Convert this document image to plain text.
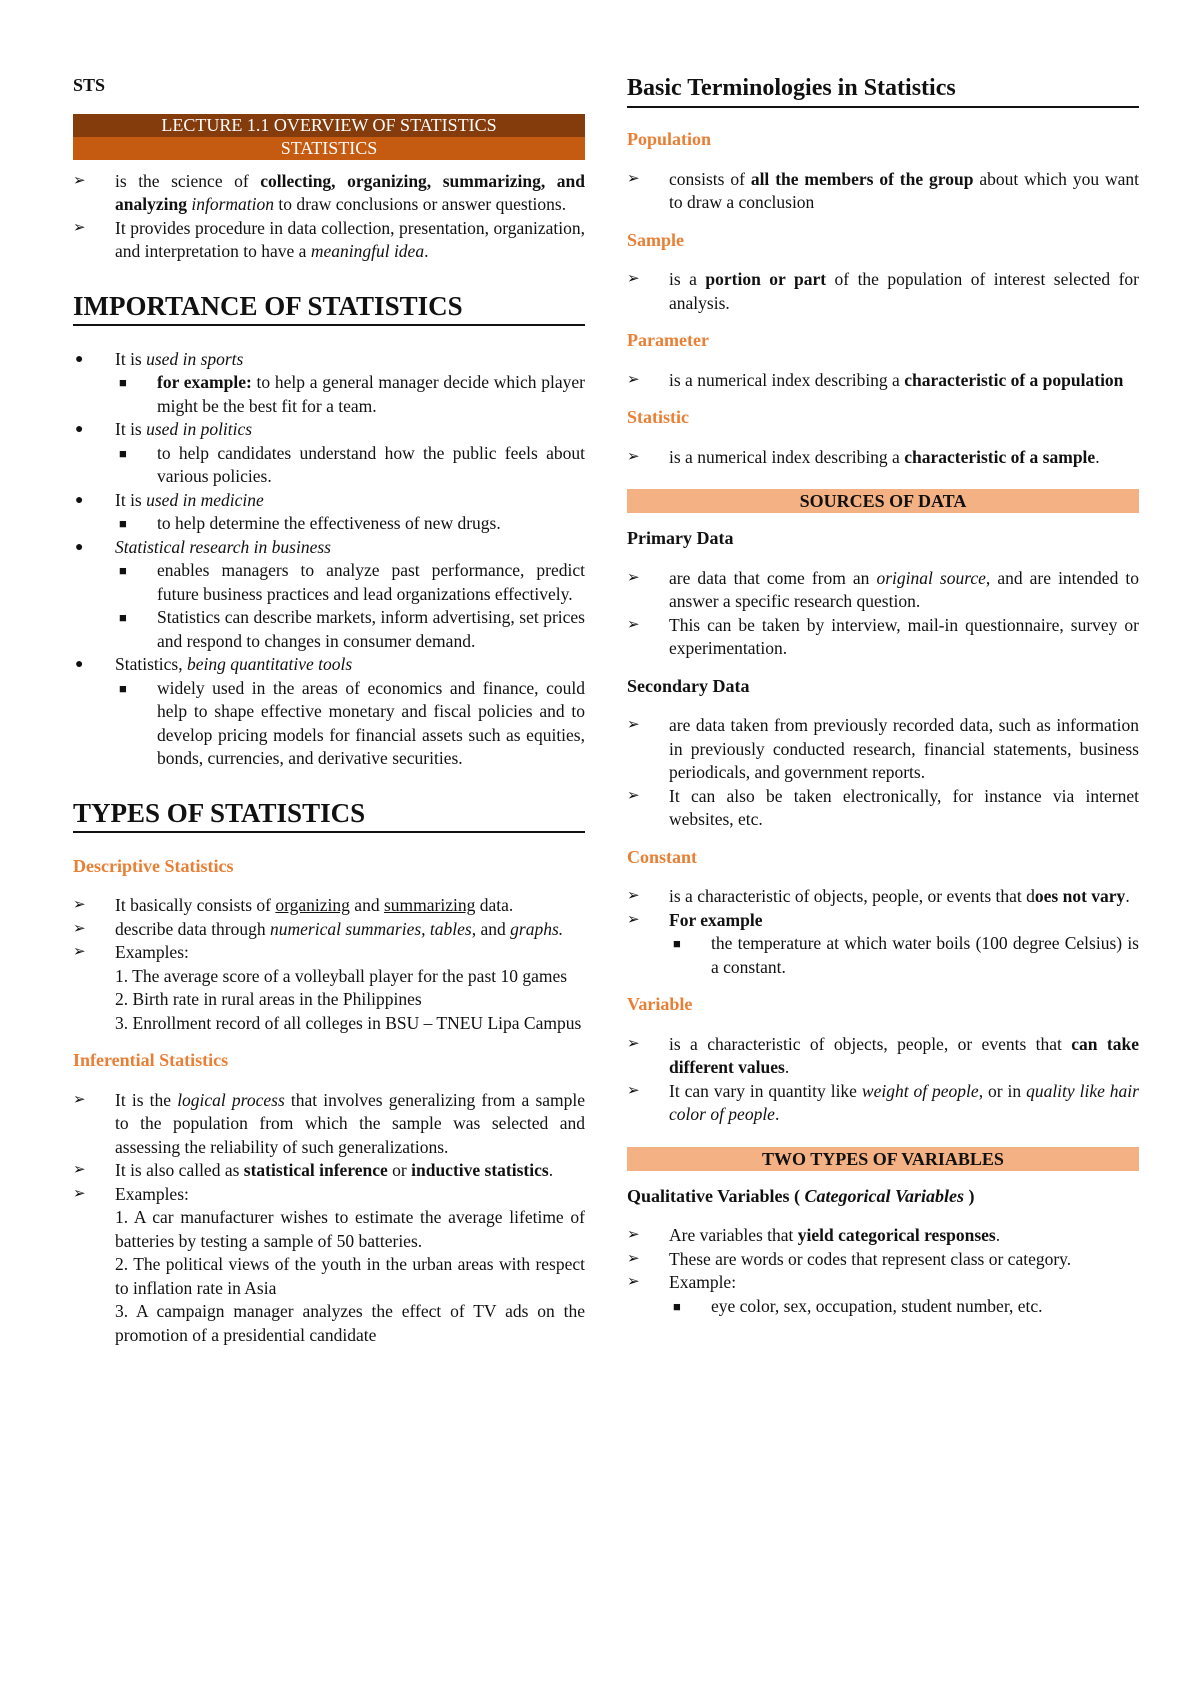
STS
LECTURE 1.1 OVERVIEW OF STATISTICS
STATISTICS
➢ is the science of collecting, organizing, summarizing, and analyzing information to draw conclusions or answer questions.
➢ It provides procedure in data collection, presentation, organization, and interpretation to have a meaningful idea.
IMPORTANCE OF STATISTICS
● It is used in sports
■ for example: to help a general manager decide which player might be the best fit for a team.
● It is used in politics
■ to help candidates understand how the public feels about various policies.
● It is used in medicine
■ to help determine the effectiveness of new drugs.
● Statistical research in business
■ enables managers to analyze past performance, predict future business practices and lead organizations effectively.
■ Statistics can describe markets, inform advertising, set prices and respond to changes in consumer demand.
● Statistics, being quantitative tools
■ widely used in the areas of economics and finance, could help to shape effective monetary and fiscal policies and to develop pricing models for financial assets such as equities, bonds, currencies, and derivative securities.
TYPES OF STATISTICS
Descriptive Statistics
➢ It basically consists of organizing and summarizing data.
➢ describe data through numerical summaries, tables, and graphs.
➢ Examples:
1. The average score of a volleyball player for the past 10 games
2. Birth rate in rural areas in the Philippines
3. Enrollment record of all colleges in BSU – TNEU Lipa Campus
Inferential Statistics
➢ It is the logical process that involves generalizing from a sample to the population from which the sample was selected and assessing the reliability of such generalizations.
➢ It is also called as statistical inference or inductive statistics.
➢ Examples:
1. A car manufacturer wishes to estimate the average lifetime of batteries by testing a sample of 50 batteries.
2. The political views of the youth in the urban areas with respect to inflation rate in Asia
3. A campaign manager analyzes the effect of TV ads on the promotion of a presidential candidate
Basic Terminologies in Statistics
Population
➢ consists of all the members of the group about which you want to draw a conclusion
Sample
➢ is a portion or part of the population of interest selected for analysis.
Parameter
➢ is a numerical index describing a characteristic of a population
Statistic
➢ is a numerical index describing a characteristic of a sample.
SOURCES OF DATA
Primary Data
➢ are data that come from an original source, and are intended to answer a specific research question.
➢ This can be taken by interview, mail-in questionnaire, survey or experimentation.
Secondary Data
➢ are data taken from previously recorded data, such as information in previously conducted research, financial statements, business periodicals, and government reports.
➢ It can also be taken electronically, for instance via internet websites, etc.
Constant
➢ is a characteristic of objects, people, or events that does not vary.
➢ For example
■ the temperature at which water boils (100 degree Celsius) is a constant.
Variable
➢ is a characteristic of objects, people, or events that can take different values.
➢ It can vary in quantity like weight of people, or in quality like hair color of people.
TWO TYPES OF VARIABLES
Qualitative Variables ( Categorical Variables )
➢ Are variables that yield categorical responses.
➢ These are words or codes that represent class or category.
➢ Example:
■ eye color, sex, occupation, student number, etc.
